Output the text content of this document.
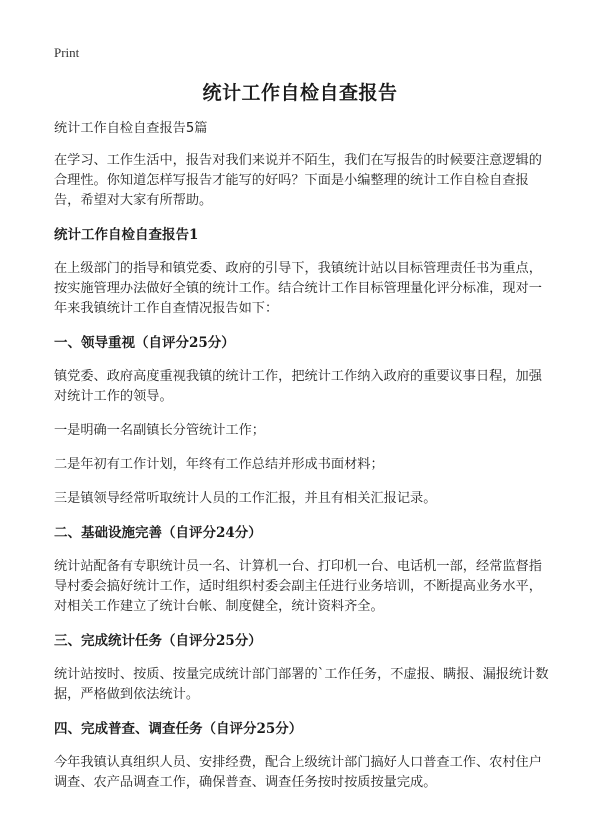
Print
统计工作自检自查报告
统计工作自检自查报告5篇

在学习、工作生活中，报告对我们来说并不陌生，我们在写报告的时候要注意逻辑的合理性。你知道怎样写报告才能写的好吗？下面是小编整理的统计工作自检自查报告，希望对大家有所帮助。

统计工作自检自查报告1

在上级部门的指导和镇党委、政府的引导下，我镇统计站以目标管理责任书为重点，按实施管理办法做好全镇的统计工作。结合统计工作目标管理量化评分标准，现对一年来我镇统计工作自查情况报告如下：

一、领导重视（自评分25分）

镇党委、政府高度重视我镇的统计工作，把统计工作纳入政府的重要议事日程，加强对统计工作的领导。

一是明确一名副镇长分管统计工作；

二是年初有工作计划，年终有工作总结并形成书面材料；

三是镇领导经常听取统计人员的工作汇报，并且有相关汇报记录。

二、基础设施完善（自评分24分）

统计站配备有专职统计员一名、计算机一台、打印机一台、电话机一部，经常监督指导村委会搞好统计工作，适时组织村委会副主任进行业务培训，不断提高业务水平，对相关工作建立了统计台帐、制度健全，统计资料齐全。

三、完成统计任务（自评分25分）

统计站按时、按质、按量完成统计部门部署的`工作任务，不虚报、瞒报、漏报统计数据，严格做到依法统计。

四、完成普查、调查任务（自评分25分）

今年我镇认真组织人员、安排经费，配合上级统计部门搞好人口普查工作、农村住户调查、农产品调查工作，确保普查、调查任务按时按质按量完成。
